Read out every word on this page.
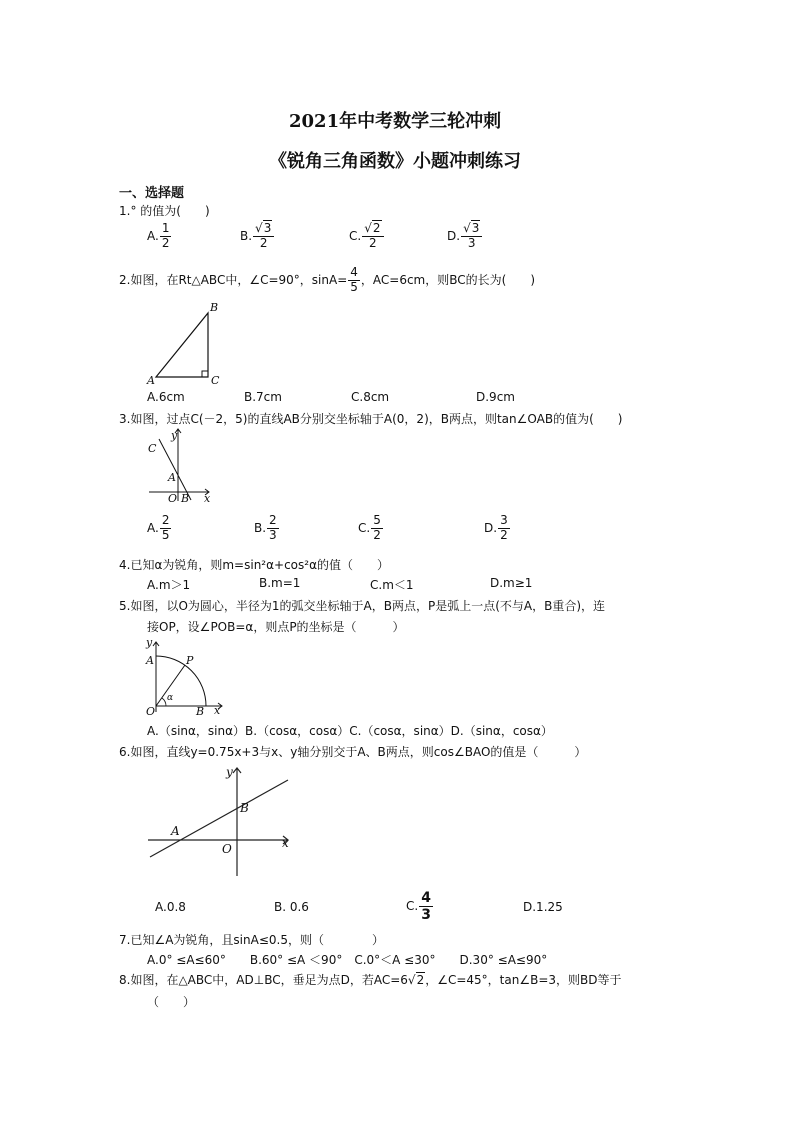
2021年中考数学三轮冲刺
《锐角三角函数》小题冲刺练习
一、选择题
1.° 的值为(　　)
A. $\frac{1}{2}$	B. $\frac{√3}{2}$	C. $\frac{√2}{2}$	D. $\frac{√3}{3}$
2.如图，在Rt△ABC中，∠C=90°，$\sin A= \frac{4}{5}$ ，AC=6cm，则BC的长为(　　)
B
A	C
A.6cm	B.7cm	C.8cm	D.9cm
3.如图，过点C(－2，5)的直线AB分别交坐标轴于A(0，2)，B两点，则tan∠OAB的值为(　　)
C
y
A
O B x
A. $\frac{2}{5}$	B. $\frac{2}{3}$	C. $\frac{5}{2}$	D. $\frac{3}{2}$
4.已知α为锐角，则m=sin²α+cos²α的值（　　）
A.m＞1	B.m=1	C.m＜1	D.m≥1
5.如图，以O为圆心，半径为1的弧交坐标轴于A，B两点，P是弧上一点(不与A，B重合)，连
接OP，设∠POB=α，则点P的坐标是（　　　）
y
A	P
α
O	B x
A.（sinα，sinα）B.（cosα，cosα）C.（cosα，sinα）D.（sinα，cosα）
6.如图，直线y=0.75x+3与x、y轴分别交于A、B两点，则cos∠BAO的值是（　　　）
y
B
A
O	x
A.0.8	B. 0.6	C. $\frac{4}{3}$	D.1.25
7.已知∠A为锐角，且sinA≤0.5，则（　　　　）
A.0° ≤A≤60°　　B.60° ≤A ＜90°　C.0°＜A ≤30°　　D.30° ≤A≤90°
8.如图，在△ABC中，AD⊥BC，垂足为点D，若AC=6√2，∠C=45°，tan∠B=3，则BD等于
（　　）
